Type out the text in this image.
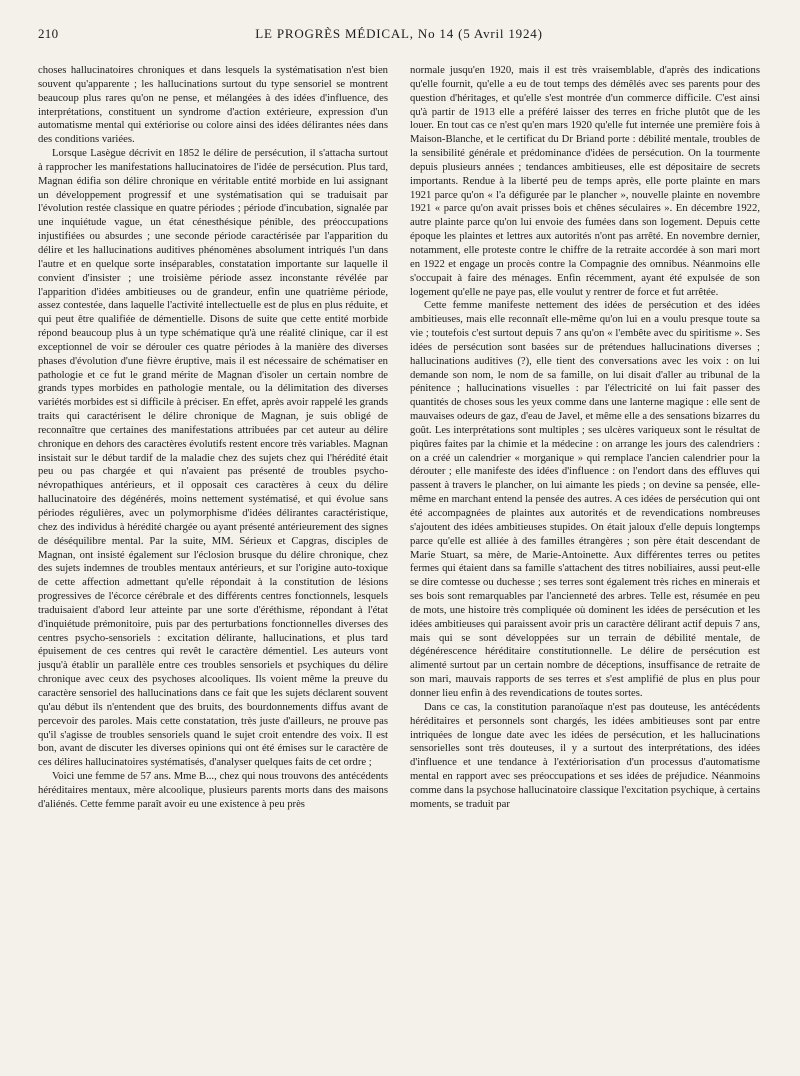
210	LE PROGRÈS MÉDICAL, No 14 (5 Avril 1924)

choses hallucinatoires chroniques et dans lesquels la systématisation n'est bien souvent qu'apparente ; les hallucinations surtout du type sensoriel se montrent beaucoup plus rares qu'on ne pense, et mélangées à des idées d'influence, des interprétations, constituent un syndrome d'action extérieure, expression d'un automatisme mental qui extériorise ou colore ainsi des idées délirantes nées dans des conditions variées.

Lorsque Lasègue décrivit en 1852 le délire de persécution, il s'attacha surtout à rapprocher les manifestations hallucinatoires de l'idée de persécution. Plus tard, Magnan édifia son délire chronique en véritable entité morbide en lui assignant un développement progressif et une systématisation qui se traduisait par l'évolution restée classique en quatre périodes ; période d'incubation, signalée par une inquiétude vague, un état cénesthésique pénible, des préoccupations injustifiées ou absurdes ; une seconde période caractérisée par l'apparition du délire et les hallucinations auditives phénomènes absolument intriqués l'un dans l'autre et en quelque sorte inséparables, constatation importante sur laquelle il convient d'insister ; une troisième période assez inconstante révélée par l'apparition d'idées ambitieuses ou de grandeur, enfin une quatrième période, assez contestée, dans laquelle l'activité intellectuelle est de plus en plus réduite, et qui peut être qualifiée de démentielle. Disons de suite que cette entité morbide répond beaucoup plus à un type schématique qu'à une réalité clinique, car il est exceptionnel de voir se dérouler ces quatre périodes à la manière des diverses phases d'évolution d'une fièvre éruptive, mais il est nécessaire de schématiser en pathologie et ce fut le grand mérite de Magnan d'isoler un certain nombre de grands types morbides en pathologie mentale, ou la délimitation des diverses variétés morbides est si difficile à préciser. En effet, après avoir rappelé les grands traits qui caractérisent le délire chronique de Magnan, je suis obligé de reconnaître que certaines des manifestations attribuées par cet auteur au délire chronique en dehors des caractères évolutifs restent encore très variables. Magnan insistait sur le début tardif de la maladie chez des sujets chez qui l'hérédité était peu ou pas chargée et qui n'avaient pas présenté de troubles psycho-névropathiques antérieurs, et il opposait ces caractères à ceux du délire hallucinatoire des dégénérés, moins nettement systématisé, et qui évolue sans périodes régulières, avec un polymorphisme d'idées délirantes caractéristique, chez des individus à hérédité chargée ou ayant présenté antérieurement des signes de déséquilibre mental. Par la suite, MM. Sérieux et Capgras, disciples de Magnan, ont insisté également sur l'éclosion brusque du délire chronique, chez des sujets indemnes de troubles mentaux antérieurs, et sur l'origine auto-toxique de cette affection admettant qu'elle répondait à la constitution de lésions progressives de l'écorce cérébrale et des différents centres fonctionnels, lesquels traduisaient d'abord leur atteinte par une sorte d'éréthisme, répondant à l'état d'inquiétude prémonitoire, puis par des perturbations fonctionnelles diverses des centres psycho-sensoriels : excitation délirante, hallucinations, et plus tard épuisement de ces centres qui revêt le caractère démentiel. Les auteurs vont jusqu'à établir un parallèle entre ces troubles sensoriels et psychiques du délire chronique avec ceux des psychoses alcooliques. Ils voient même la preuve du caractère sensoriel des hallucinations dans ce fait que les sujets déclarent souvent qu'au début ils n'entendent que des bruits, des bourdonnements diffus avant de percevoir des paroles. Mais cette constatation, très juste d'ailleurs, ne prouve pas qu'il s'agisse de troubles sensoriels quand le sujet croit entendre des voix. Il est bon, avant de discuter les diverses opinions qui ont été émises sur le caractère de ces délires hallucinatoires systématisés, d'analyser quelques faits de cet ordre ;

Voici une femme de 57 ans. Mme B..., chez qui nous trouvons des antécédents héréditaires mentaux, mère alcoolique, plusieurs parents morts dans des maisons d'aliénés. Cette femme paraît avoir eu une existence à peu près

normale jusqu'en 1920, mais il est très vraisemblable, d'après des indications qu'elle fournit, qu'elle a eu de tout temps des démêlés avec ses parents pour des question d'héritages, et qu'elle s'est montrée d'un commerce difficile. C'est ainsi qu'à partir de 1913 elle a préféré laisser des terres en friche plutôt que de les louer. En tout cas ce n'est qu'en mars 1920 qu'elle fut internée une première fois à Maison-Blanche, et le certificat du Dr Briand porte : débilité mentale, troubles de la sensibilité générale et prédominance d'idées de persécution. On la tourmente depuis plusieurs années ; tendances ambitieuses, elle est dépositaire de secrets importants. Rendue à la liberté peu de temps après, elle porte plainte en mars 1921 parce qu'on « l'a défigurée par le plancher », nouvelle plainte en novembre 1921 « parce qu'on avait prisses bois et chênes séculaires ». En décembre 1922, autre plainte parce qu'on lui envoie des fumées dans son logement. Depuis cette époque les plaintes et lettres aux autorités n'ont pas arrêté. En novembre dernier, notamment, elle proteste contre le chiffre de la retraite accordée à son mari mort en 1922 et engage un procès contre la Compagnie des omnibus. Néanmoins elle s'occupait à faire des ménages. Enfin récemment, ayant été expulsée de son logement qu'elle ne paye pas, elle voulut y rentrer de force et fut arrêtée.

Cette femme manifeste nettement des idées de persécution et des idées ambitieuses, mais elle reconnaît elle-même qu'on lui en a voulu presque toute sa vie ; toutefois c'est surtout depuis 7 ans qu'on « l'embête avec du spiritisme ». Ses idées de persécution sont basées sur de prétendues hallucinations diverses ; hallucinations auditives (?), elle tient des conversations avec les voix : on lui demande son nom, le nom de sa famille, on lui disait d'aller au tribunal de la pénitence ; hallucinations visuelles : par l'électricité on lui fait passer des quantités de choses sous les yeux comme dans une lanterne magique : elle sent de mauvaises odeurs de gaz, d'eau de Javel, et même elle a des sensations bizarres du goût. Les interprétations sont multiples ; ses ulcères variqueux sont le résultat de piqûres faites par la chimie et la médecine : on arrange les jours des calendriers : on a créé un calendrier « morganique » qui remplace l'ancien calendrier pour la dérouter ; elle manifeste des idées d'influence : on l'endort dans des effluves qui passent à travers le plancher, on lui aimante les pieds ; on devine sa pensée, elle-même en marchant entend la pensée des autres. A ces idées de persécution qui ont été accompagnées de plaintes aux autorités et de revendications nombreuses s'ajoutent des idées ambitieuses stupides. On était jaloux d'elle depuis longtemps parce qu'elle est alliée à des familles étrangères ; son père était descendant de Marie Stuart, sa mère, de Marie-Antoinette. Aux différentes terres ou petites fermes qui étaient dans sa famille s'attachent des titres nobiliaires, aussi peut-elle se dire comtesse ou duchesse ; ses terres sont également très riches en minerais et ses bois sont remarquables par l'ancienneté des arbres. Telle est, résumée en peu de mots, une histoire très compliquée où dominent les idées de persécution et les idées ambitieuses qui paraissent avoir pris un caractère délirant actif depuis 7 ans, mais qui se sont développées sur un terrain de débilité mentale, de dégénérescence héréditaire constitutionnelle. Le délire de persécution est alimenté surtout par un certain nombre de déceptions, insuffisance de retraite de son mari, mauvais rapports de ses terres et s'est amplifié de plus en plus pour donner lieu enfin à des revendications de toutes sortes.

Dans ce cas, la constitution paranoïaque n'est pas douteuse, les antécédents héréditaires et personnels sont chargés, les idées ambitieuses sont par entre intriquées de longue date avec les idées de persécution, et les hallucinations sensorielles sont très douteuses, il y a surtout des interprétations, des idées d'influence et une tendance à l'extériorisation d'un processus d'automatisme mental en rapport avec ses préoccupations et ses idées de préjudice. Néanmoins comme dans la psychose hallucinatoire classique l'excitation psychique, à certains moments, se traduit par
